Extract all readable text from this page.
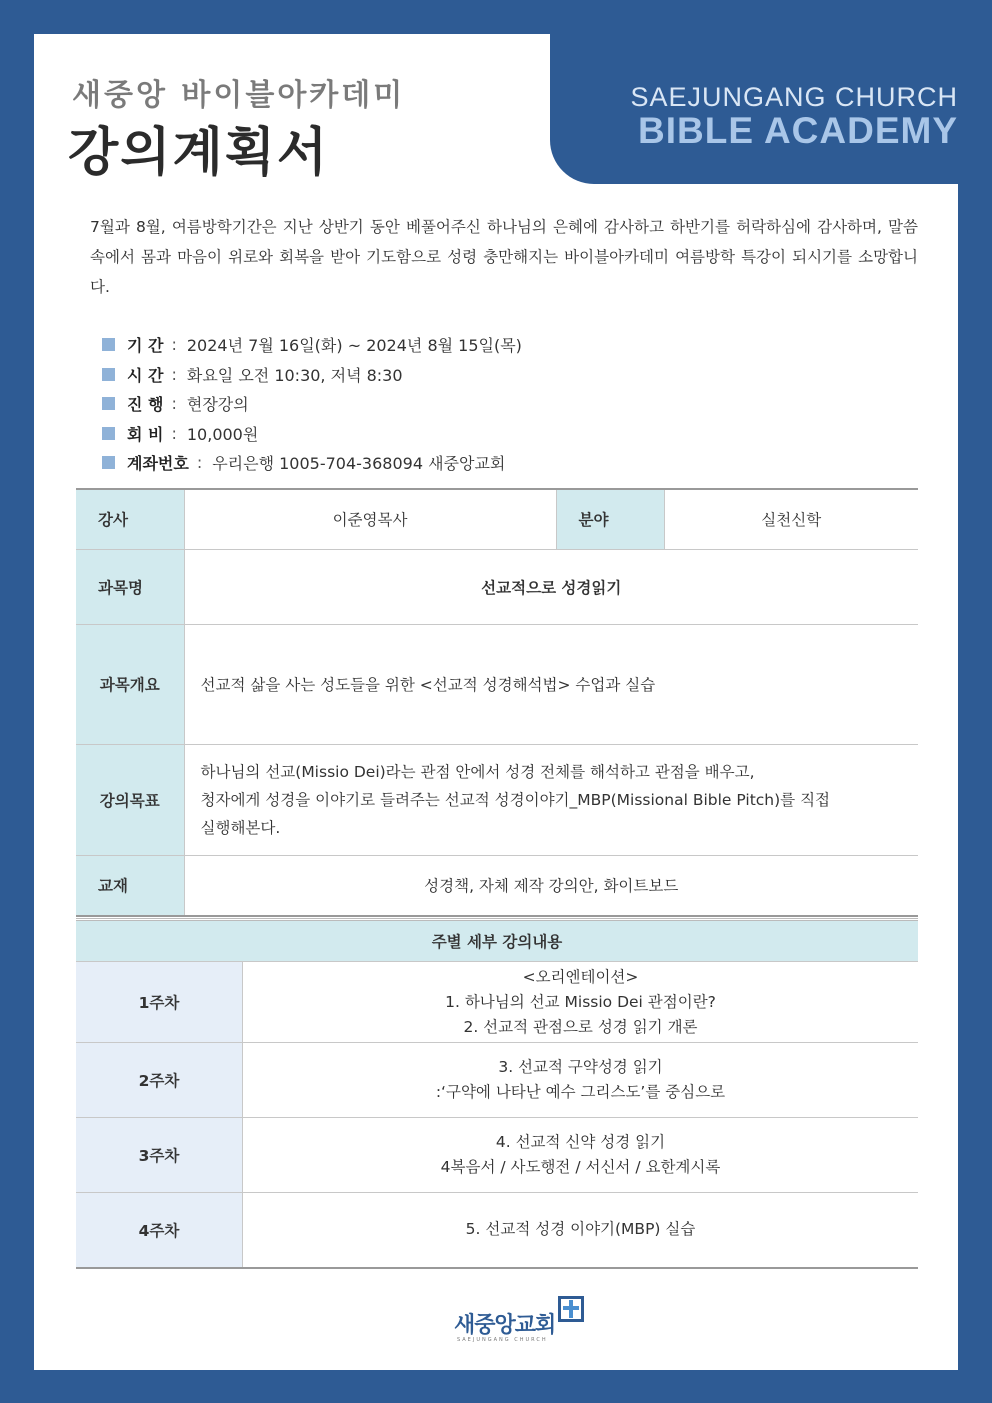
SAEJUNGANG CHURCH
BIBLE ACADEMY
새중앙 바이블아카데미
강의계획서
7월과 8월, 여름방학기간은 지난 상반기 동안 베풀어주신 하나님의 은혜에 감사하고 하반기를 허락하심에 감사하며, 말씀 속에서 몸과 마음이 위로와 회복을 받아 기도함으로 성령 충만해지는 바이블아카데미 여름방학 특강이 되시기를 소망합니다.
기 간 : 2024년 7월 16일(화) ~ 2024년 8월 15일(목)
시 간 : 화요일 오전 10:30, 저녁 8:30
진 행 : 현장강의
회 비 : 10,000원
계좌번호 : 우리은행 1005-704-368094 새중앙교회
강사	이준영목사	분야	실천신학
과목명	선교적으로 성경읽기		
과목개요	선교적 삶을 사는 성도들을 위한 <선교적 성경해석법> 수업과 실습		
강의목표	하나님의 선교(Missio Dei)라는 관점 안에서 성경 전체를 해석하고 관점을 배우고,
청자에게 성경을 이야기로 들려주는 선교적 성경이야기_MBP(Missional Bible Pitch)를 직접
실행해본다.		

교재	성경책, 자체 제작 강의안, 화이트보드		
주별 세부 강의내용	
1주차	<오리엔테이션>
1. 하나님의 선교 Missio Dei 관점이란?
2. 선교적 관점으로 성경 읽기 개론

2주차	3. 선교적 구약성경 읽기
:‘구약에 나타난 예수 그리스도’를 중심으로

3주차	4. 선교적 신약 성경 읽기
4복음서 / 사도행전 / 서신서 / 요한계시록

4주차	5. 선교적 성경 이야기(MBP) 실습
새중앙교회
SAEJUNGANG CHURCH
